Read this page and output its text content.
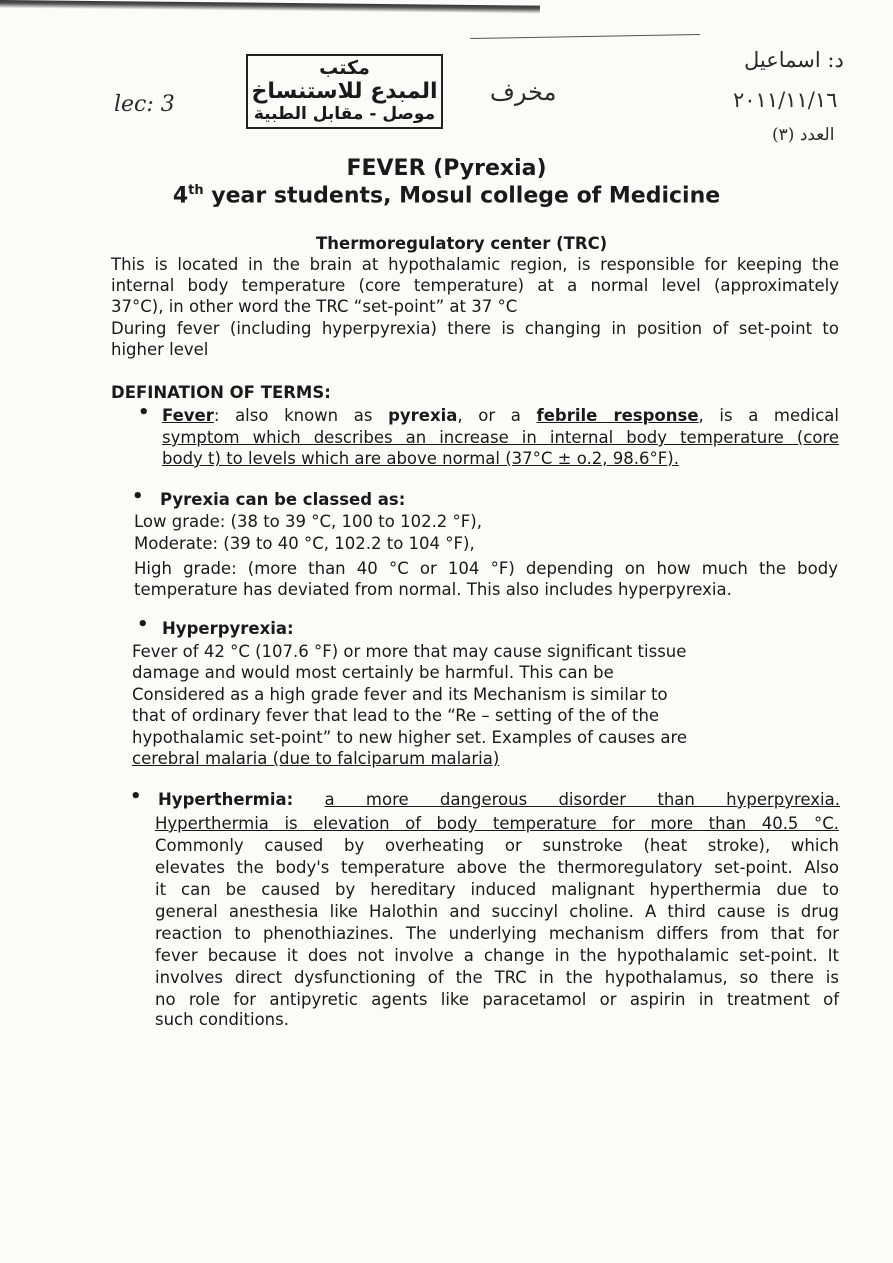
lec: 3
مكتب
المبدع للاستنساخ
موصل - مقابل الطبية
مخرف
د: اسماعيل
٢٠١١/١١/١٦
العدد (٣)
FEVER (Pyrexia)
4th year students, Mosul college of Medicine
Thermoregulatory center (TRC)
This is located in the brain at hypothalamic region, is responsible for keeping the
internal body temperature (core temperature) at a normal level (approximately
37°C), in other word the TRC “set-point” at 37 °C
During fever (including hyperpyrexia) there is changing in position of set-point to
higher level
DEFINATION OF TERMS:
• Fever: also known as pyrexia, or a febrile response, is a medical
symptom which describes an increase in internal body temperature (core
body t) to levels which are above normal (37°C ± o.2, 98.6°F).
• Pyrexia can be classed as:
Low grade: (38 to 39 °C, 100 to 102.2 °F),
Moderate: (39 to 40 °C, 102.2 to 104 °F),
High grade: (more than 40 °C or 104 °F) depending on how much the body
temperature has deviated from normal. This also includes hyperpyrexia.
• Hyperpyrexia:
Fever of 42 °C (107.6 °F) or more that may cause significant tissue
damage and would most certainly be harmful. This can be
Considered as a high grade fever and its Mechanism is similar to
that of ordinary fever that lead to the “Re – setting of the of the
hypothalamic set-point” to new higher set. Examples of causes are
cerebral malaria (due to falciparum malaria)
• Hyperthermia: a more dangerous disorder than hyperpyrexia.
Hyperthermia is elevation of body temperature for more than 40.5 °C.
Commonly caused by overheating or sunstroke (heat stroke), which
elevates the body's temperature above the thermoregulatory set-point. Also
it can be caused by hereditary induced malignant hyperthermia due to
general anesthesia like Halothin and succinyl choline. A third cause is drug
reaction to phenothiazines. The underlying mechanism differs from that for
fever because it does not involve a change in the hypothalamic set-point. It
involves direct dysfunctioning of the TRC in the hypothalamus, so there is
no role for antipyretic agents like paracetamol or aspirin in treatment of
such conditions.
